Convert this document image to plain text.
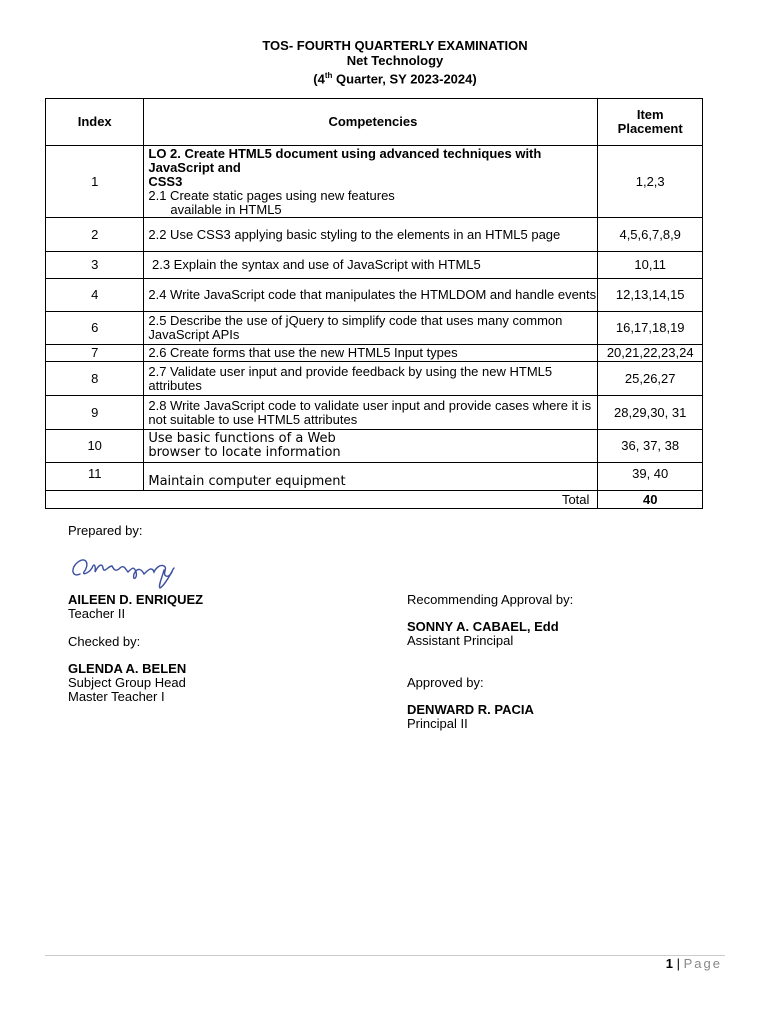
TOS- FOURTH QUARTERLY EXAMINATION
Net Technology
(4th Quarter, SY 2023-2024)
Index	Competencies	Item
Placement

1	LO 2. Create HTML5 document using advanced techniques with JavaScript and
CSS3
2.1 Create static pages using new features
available in HTML5	1,2,3
2	2.2 Use CSS3 applying basic styling to the elements in an HTML5 page	4,5,6,7,8,9
3	2.3 Explain the syntax and use of JavaScript with HTML5	10,11
4	2.4 Write JavaScript code that manipulates the HTMLDOM and handle events	12,13,14,15
6	2.5 Describe the use of jQuery to simplify code that uses many common JavaScript APIs	16,17,18,19
7	2.6 Create forms that use the new HTML5 Input types	20,21,22,23,24
8	2.7 Validate user input and provide feedback by using the new HTML5 attributes	25,26,27
9	2.8 Write JavaScript code to validate user input and provide cases where it is not suitable to use HTML5 attributes	28,29,30, 31
10	Use basic functions of a Web
browser to locate information	36, 37, 38
11	Maintain computer equipment	39, 40
Total		40
Prepared by:
AILEEN D. ENRIQUEZ
Teacher II
Checked by:
GLENDA A. BELEN
Subject Group Head
Master Teacher I
Recommending Approval by:
SONNY A. CABAEL, Edd
Assistant Principal
Approved by:
DENWARD R. PACIA
Principal II
1 | Page
